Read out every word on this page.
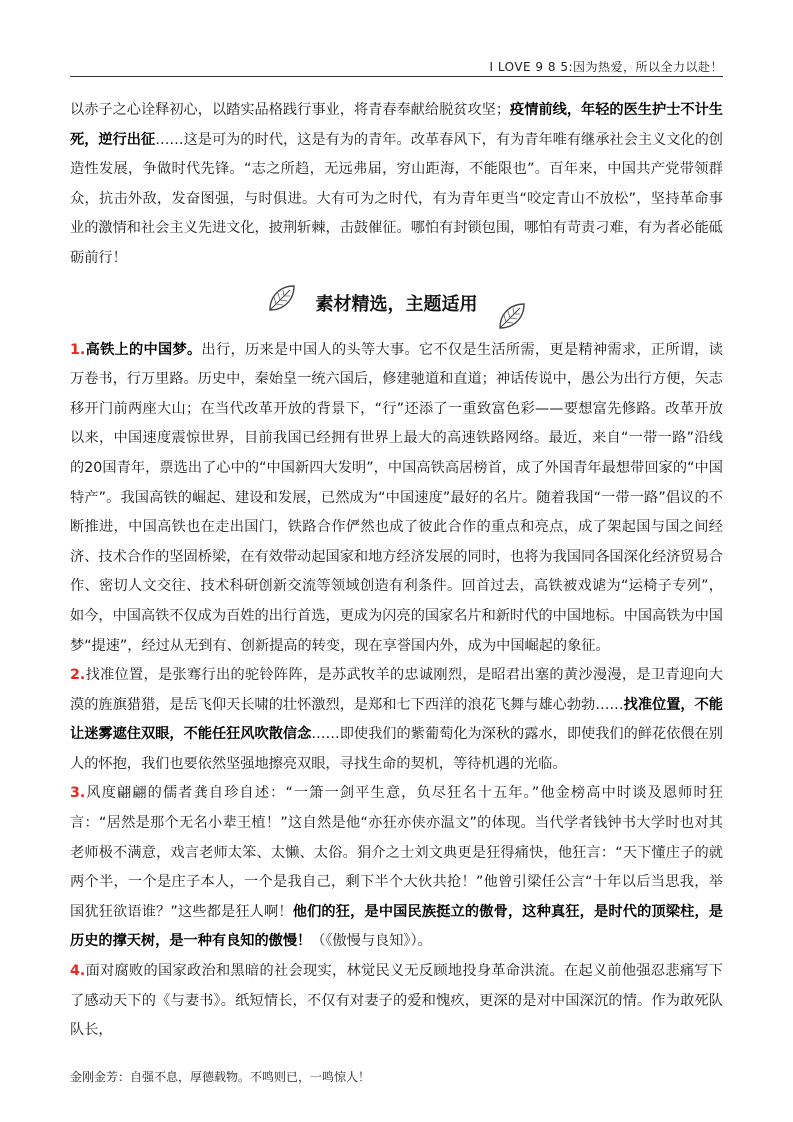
I LOVE 9 8 5:因为热爱，所以全力以赴！

以赤子之心诠释初心，以踏实品格践行事业，将青春奉献给脱贫攻坚；疫情前线，年轻的医生护士不计生死，逆行出征……这是可为的时代，这是有为的青年。改革春风下，有为青年唯有继承社会主义文化的创造性发展，争做时代先锋。“志之所趋，无远弗届，穷山距海，不能限也”。百年来，中国共产党带领群众，抗击外敌，发奋图强，与时俱进。大有可为之时代，有为青年更当“咬定青山不放松”，坚持革命事业的激情和社会主义先进文化，披荆斩棘，击鼓催征。哪怕有封锁包围，哪怕有苛责刁难，有为者必能砥砺前行！

素材精选，主题适用

1.高铁上的中国梦。出行，历来是中国人的头等大事。它不仅是生活所需，更是精神需求，正所谓，读万卷书，行万里路。历史中，秦始皇一统六国后，修建驰道和直道；神话传说中，愚公为出行方便，矢志移开门前两座大山；在当代改革开放的背景下，“行”还添了一重致富色彩——要想富先修路。改革开放以来，中国速度震惊世界，目前我国已经拥有世界上最大的高速铁路网络。最近，来自“一带一路”沿线的20国青年，票选出了心中的“中国新四大发明”，中国高铁高居榜首，成了外国青年最想带回家的“中国特产”。我国高铁的崛起、建设和发展，已然成为“中国速度”最好的名片。随着我国“一带一路”倡议的不断推进，中国高铁也在走出国门，铁路合作俨然也成了彼此合作的重点和亮点，成了架起国与国之间经济、技术合作的坚固桥梁，在有效带动起国家和地方经济发展的同时，也将为我国同各国深化经济贸易合作、密切人文交往、技术科研创新交流等领域创造有利条件。回首过去，高铁被戏谑为“运椅子专列”，如今，中国高铁不仅成为百姓的出行首选，更成为闪亮的国家名片和新时代的中国地标。中国高铁为中国梦“提速”，经过从无到有、创新提高的转变，现在享誉国内外，成为中国崛起的象征。

2.找准位置，是张骞行出的驼铃阵阵，是苏武牧羊的忠诚刚烈，是昭君出塞的黄沙漫漫，是卫青迎向大漠的旌旗猎猎，是岳飞仰天长啸的壮怀激烈，是郑和七下西洋的浪花飞舞与雄心勃勃……找准位置，不能让迷雾遮住双眼，不能任狂风吹散信念……即使我们的紫葡萄化为深秋的露水，即使我们的鲜花依偎在别人的怀抱，我们也要依然坚强地擦亮双眼，寻找生命的契机，等待机遇的光临。

3.风度翩翩的儒者龚自珍自述：“一箫一剑平生意，负尽狂名十五年。”他金榜高中时谈及恩师时狂言：“居然是那个无名小辈王植！”这自然是他“亦狂亦侠亦温文”的体现。当代学者钱钟书大学时也对其老师极不满意，戏言老师太笨、太懒、太俗。狷介之士刘文典更是狂得痛快，他狂言：“天下懂庄子的就两个半，一个是庄子本人，一个是我自己，剩下半个大伙共抢！”他曾引梁任公言“十年以后当思我，举国犹狂欲语谁？”这些都是狂人啊！他们的狂，是中国民族挺立的傲骨，这种真狂，是时代的顶梁柱，是历史的撑天树，是一种有良知的傲慢！（《傲慢与良知》）。

4.面对腐败的国家政治和黑暗的社会现实，林觉民义无反顾地投身革命洪流。在起义前他强忍悲痛写下了感动天下的《与妻书》。纸短情长，不仅有对妻子的爱和愧疚，更深的是对中国深沉的情。作为敢死队队长，

金刚金芳：自强不息，厚德载物。不鸣则已，一鸣惊人！
